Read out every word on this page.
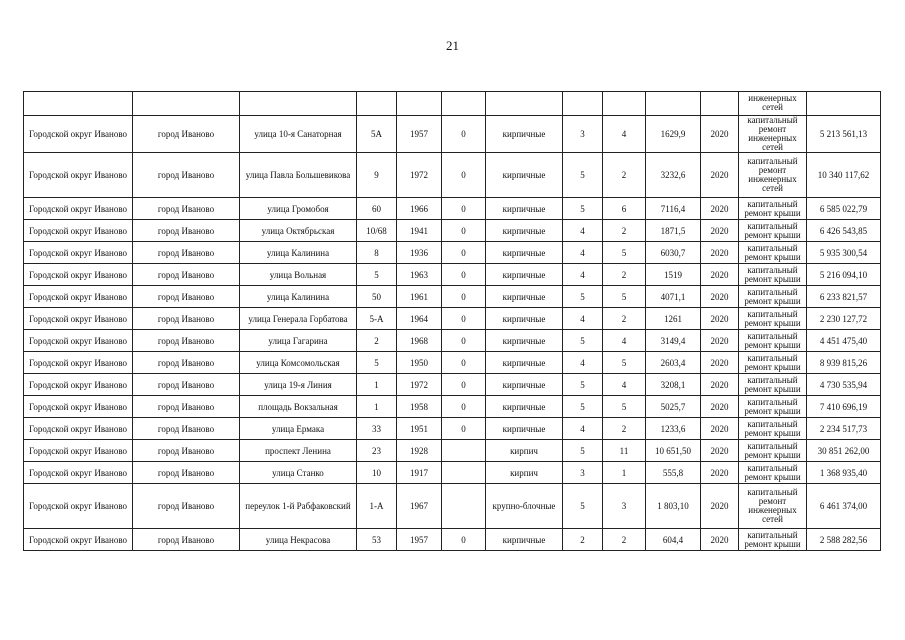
21

											инженерных
сетей	

Городской округ Иваново	город Иваново	улица 10-я Санаторная	5А	1957	0	кирпичные	3	4	1629,9	2020	капитальный ремонт инженерных сетей	5 213 561,13
Городской округ Иваново	город Иваново	улица Павла Большевикова	9	1972	0	кирпичные	5	2	3232,6	2020	капитальный ремонт инженерных сетей	10 340 117,62
Городской округ Иваново	город Иваново	улица Громобоя	60	1966	0	кирпичные	5	6	7116,4	2020	капитальный ремонт крыши	6 585 022,79
Городской округ Иваново	город Иваново	улица Октябрьская	10/68	1941	0	кирпичные	4	2	1871,5	2020	капитальный ремонт крыши	6 426 543,85
Городской округ Иваново	город Иваново	улица Калинина	8	1936	0	кирпичные	4	5	6030,7	2020	капитальный ремонт крыши	5 935 300,54
Городской округ Иваново	город Иваново	улица Вольная	5	1963	0	кирпичные	4	2	1519	2020	капитальный ремонт крыши	5 216 094,10
Городской округ Иваново	город Иваново	улица Калинина	50	1961	0	кирпичные	5	5	4071,1	2020	капитальный ремонт крыши	6 233 821,57
Городской округ Иваново	город Иваново	улица Генерала Горбатова	5-А	1964	0	кирпичные	4	2	1261	2020	капитальный ремонт крыши	2 230 127,72
Городской округ Иваново	город Иваново	улица Гагарина	2	1968	0	кирпичные	5	4	3149,4	2020	капитальный ремонт крыши	4 451 475,40
Городской округ Иваново	город Иваново	улица Комсомольская	5	1950	0	кирпичные	4	5	2603,4	2020	капитальный ремонт крыши	8 939 815,26
Городской округ Иваново	город Иваново	улица 19-я Линия	1	1972	0	кирпичные	5	4	3208,1	2020	капитальный ремонт крыши	4 730 535,94
Городской округ Иваново	город Иваново	площадь Вокзальная	1	1958	0	кирпичные	5	5	5025,7	2020	капитальный ремонт крыши	7 410 696,19
Городской округ Иваново	город Иваново	улица Ермака	33	1951	0	кирпичные	4	2	1233,6	2020	капитальный ремонт крыши	2 234 517,73
Городской округ Иваново	город Иваново	проспект Ленина	23	1928		кирпич	5	11	10 651,50	2020	капитальный ремонт крыши	30 851 262,00
Городской округ Иваново	город Иваново	улица Станко	10	1917		кирпич	3	1	555,8	2020	капитальный ремонт крыши	1 368 935,40
Городской округ Иваново	город Иваново	переулок 1-й Рабфаковский	1-А	1967		крупно-блочные	5	3	1 803,10	2020	капитальный ремонт инженерных сетей	6 461 374,00
Городской округ Иваново	город Иваново	улица Некрасова	53	1957	0	кирпичные	2	2	604,4	2020	капитальный ремонт крыши	2 588 282,56
